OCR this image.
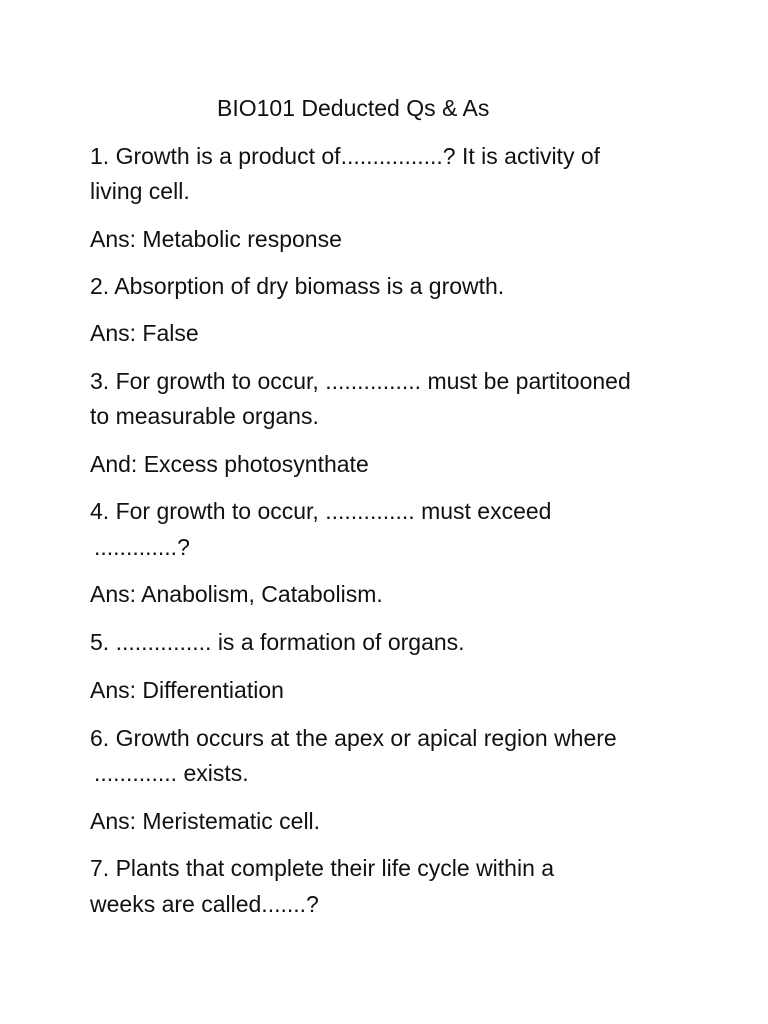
BIO101 Deducted Qs & As
1. Growth is a product of................? It is activity of
living cell.
Ans: Metabolic response
2. Absorption of dry biomass is a growth.
Ans: False
3. For growth to occur, ............... must be partitooned
to measurable organs.
And: Excess photosynthate
4. For growth to occur, .............. must exceed
.............?
Ans: Anabolism, Catabolism.
5. ............... is a formation of organs.
Ans: Differentiation
6. Growth occurs at the apex or apical region where
............. exists.
Ans: Meristematic cell.
7. Plants that complete their life cycle within a
weeks are called.......?
